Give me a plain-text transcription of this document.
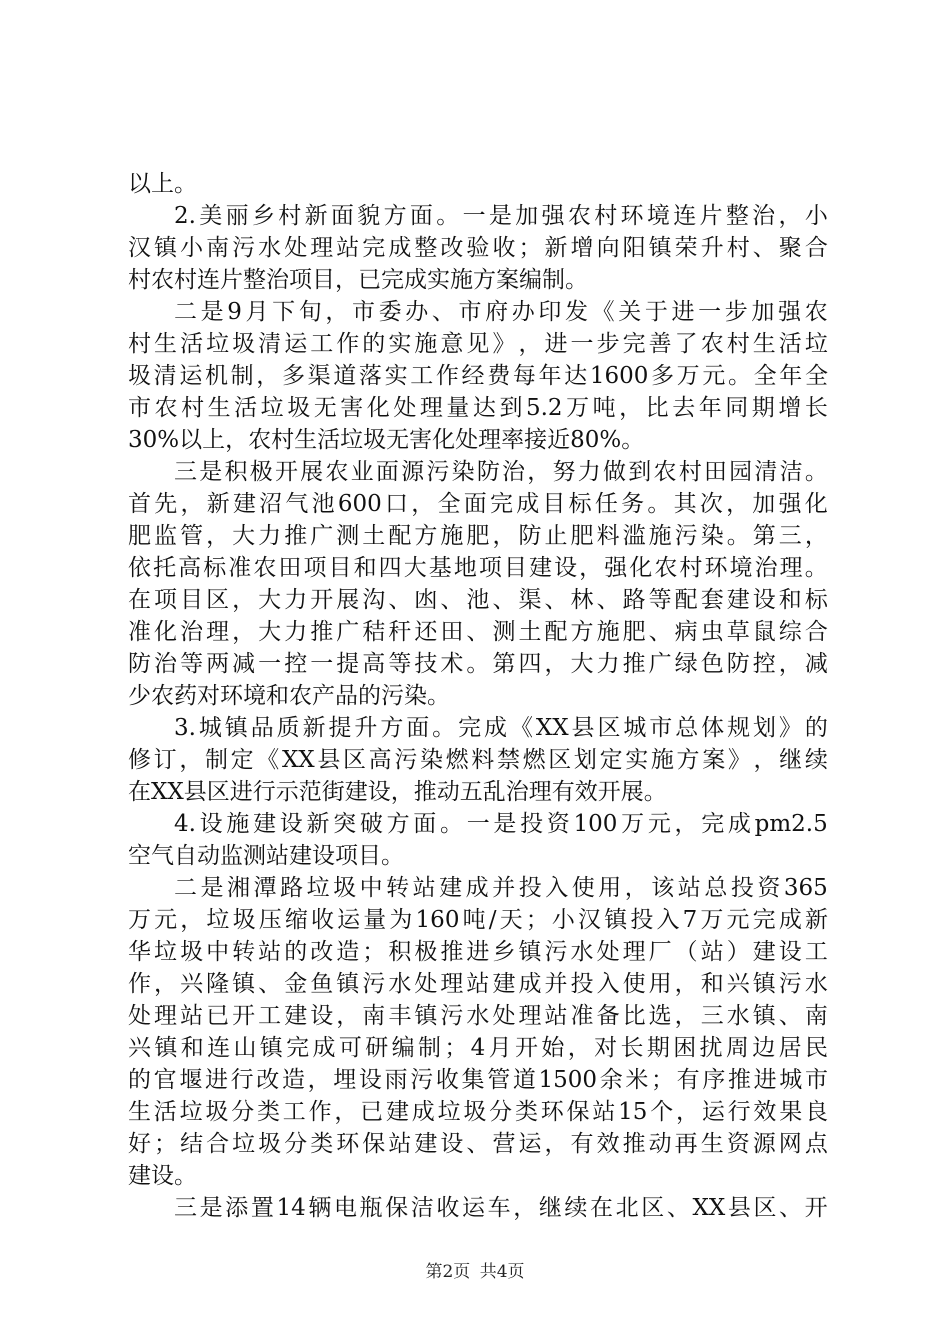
以上。
2. 美 丽 乡 村 新 面 貌 方 面 。 一 是 加 强 农 村 环 境 连 片 整 治 ， 小
汉 镇 小 南 污 水 处 理 站 完 成 整 改 验 收 ； 新 增 向 阳 镇 荣 升 村 、 聚 合
村农村连片整治项目，已完成实施方案编制。
二 是 9 月 下 旬 ， 市 委 办 、 市 府 办 印 发 《 关 于 进 一 步 加 强 农
村 生 活 垃 圾 清 运 工 作 的 实 施 意 见 》 ， 进 一 步 完 善 了 农 村 生 活 垃
圾 清 运 机 制 ， 多 渠 道 落 实 工 作 经 费 每 年 达 1600 多 万 元 。 全 年 全
市 农 村 生 活 垃 圾 无 害 化 处 理 量 达 到 5.2 万 吨 ， 比 去 年 同 期 增 长
30%以上，农村生活垃圾无害化处理率接近80%。
三 是 积 极 开 展 农 业 面 源 污 染 防 治 ， 努 力 做 到 农 村 田 园 清 洁 。
首 先 ， 新 建 沼 气 池 600 口 ， 全 面 完 成 目 标 任 务 。 其 次 ， 加 强 化
肥 监 管 ， 大 力 推 广 测 土 配 方 施 肥 ， 防 止 肥 料 滥 施 污 染 。 第 三 ，
依 托 高 标 准 农 田 项 目 和 四 大 基 地 项 目 建 设 ， 强 化 农 村 环 境 治 理 。
在 项 目 区 ， 大 力 开 展 沟 、 凼 、 池 、 渠 、 林 、 路 等 配 套 建 设 和 标
准 化 治 理 ， 大 力 推 广 秸 秆 还 田 、 测 土 配 方 施 肥 、 病 虫 草 鼠 综 合
防 治 等 两 减 一 控 一 提 高 等 技 术 。 第 四 ， 大 力 推 广 绿 色 防 控 ， 减
少农药对环境和农产品的污染。
3. 城 镇 品 质 新 提 升 方 面 。 完 成 《 XX 县 区 城 市 总 体 规 划 》 的
修 订 ， 制 定 《 XX 县 区 高 污 染 燃 料 禁 燃 区 划 定 实 施 方 案 》 ， 继 续
在XX县区进行示范街建设，推动五乱治理有效开展。
4. 设 施 建 设 新 突 破 方 面 。 一 是 投 资 100 万 元 ， 完 成 pm2.5
空气自动监测站建设项目。
二 是 湘 潭 路 垃 圾 中 转 站 建 成 并 投 入 使 用 ， 该 站 总 投 资 365
万 元 ， 垃 圾 压 缩 收 运 量 为 160 吨 / 天 ； 小 汉 镇 投 入 7 万 元 完 成 新
华 垃 圾 中 转 站 的 改 造 ； 积 极 推 进 乡 镇 污 水 处 理 厂 （ 站 ） 建 设 工
作 ， 兴 隆 镇 、 金 鱼 镇 污 水 处 理 站 建 成 并 投 入 使 用 ， 和 兴 镇 污 水
处 理 站 已 开 工 建 设 ， 南 丰 镇 污 水 处 理 站 准 备 比 选 ， 三 水 镇 、 南
兴 镇 和 连 山 镇 完 成 可 研 编 制 ； 4 月 开 始 ， 对 长 期 困 扰 周 边 居 民
的 官 堰 进 行 改 造 ， 埋 设 雨 污 收 集 管 道 1500 余 米 ； 有 序 推 进 城 市
生 活 垃 圾 分 类 工 作 ， 已 建 成 垃 圾 分 类 环 保 站 15 个 ， 运 行 效 果 良
好 ； 结 合 垃 圾 分 类 环 保 站 建 设 、 营 运 ， 有 效 推 动 再 生 资 源 网 点
建设。
三 是 添 置 14 辆 电 瓶 保 洁 收 运 车 ， 继 续 在 北 区 、 XX 县 区 、 开
第2页 共4页
